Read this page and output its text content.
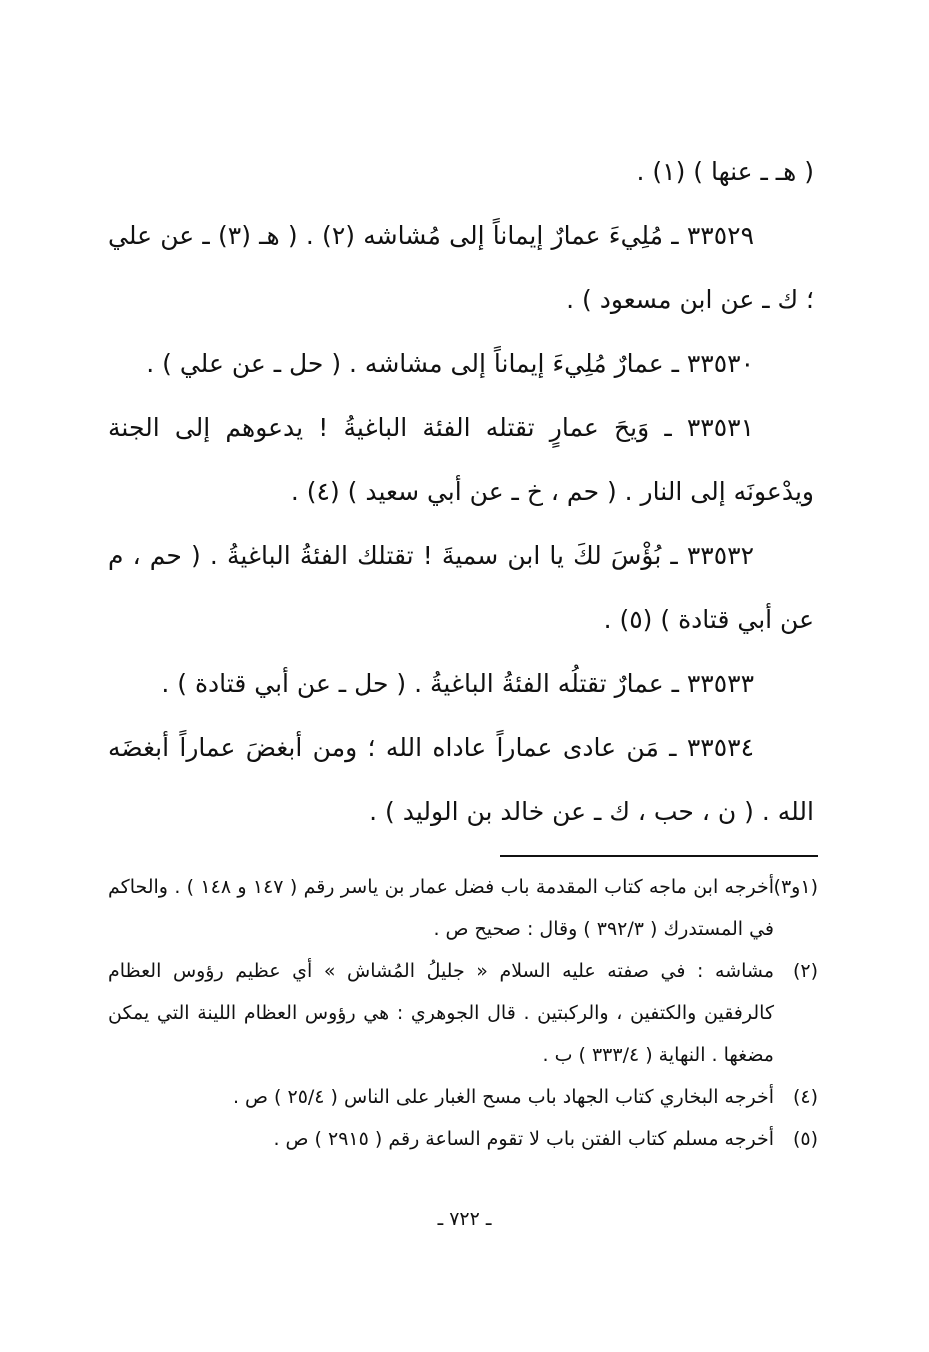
( هـ ـ عنها ) (١) .

٣٣٥٢٩ ـ مُلِيءَ عمارٌ إيماناً إلى مُشاشه (٢) . ( هـ (٣) ـ عن علي ؛ ك ـ عن ابن مسعود ) .

٣٣٥٣٠ ـ عمارٌ مُلِيءَ إيماناً إلى مشاشه . ( حل ـ عن علي ) .

٣٣٥٣١ ـ وَيحَ عمارٍ تقتله الفئة الباغيةُ ! يدعوهم إلى الجنة ويدْعونَه إلى النار . ( حم ، خ ـ عن أبي سعيد ) (٤) .

٣٣٥٣٢ ـ بُؤْسَ لكَ يا ابن سميةَ ! تقتلك الفئةُ الباغيةُ . ( حم ، م عن أبي قتادة ) (٥) .

٣٣٥٣٣ ـ عمارٌ تقتلُه الفئةُ الباغيةُ . ( حل ـ عن أبي قتادة ) .

٣٣٥٣٤ ـ مَن عادى عماراً عاداه الله ؛ ومن أبغضَ عماراً أبغضَه الله . ( ن ، حب ، ك ـ عن خالد بن الوليد ) .

(١و٣)أخرجه ابن ماجه كتاب المقدمة باب فضل عمار بن ياسر رقم ( ١٤٧ و ١٤٨ ) . والحاكم في المستدرك ( ٣٩٢/٣ ) وقال : صحيح ص .

(٢)مشاشه : في صفته عليه السلام « جليلُ المُشاش » أي عظيم رؤوس العظام كالرفقين والكتفين ، والركبتين . قال الجوهري : هي رؤوس العظام اللينة التي يمكن مضغها . النهاية ( ٣٣٣/٤ ) ب .

(٤)أخرجه البخاري كتاب الجهاد باب مسح الغبار على الناس ( ٢٥/٤ ) ص .

(٥)أخرجه مسلم كتاب الفتن باب لا تقوم الساعة رقم ( ٢٩١٥ ) ص .

ـ ٧٢٢ ـ
